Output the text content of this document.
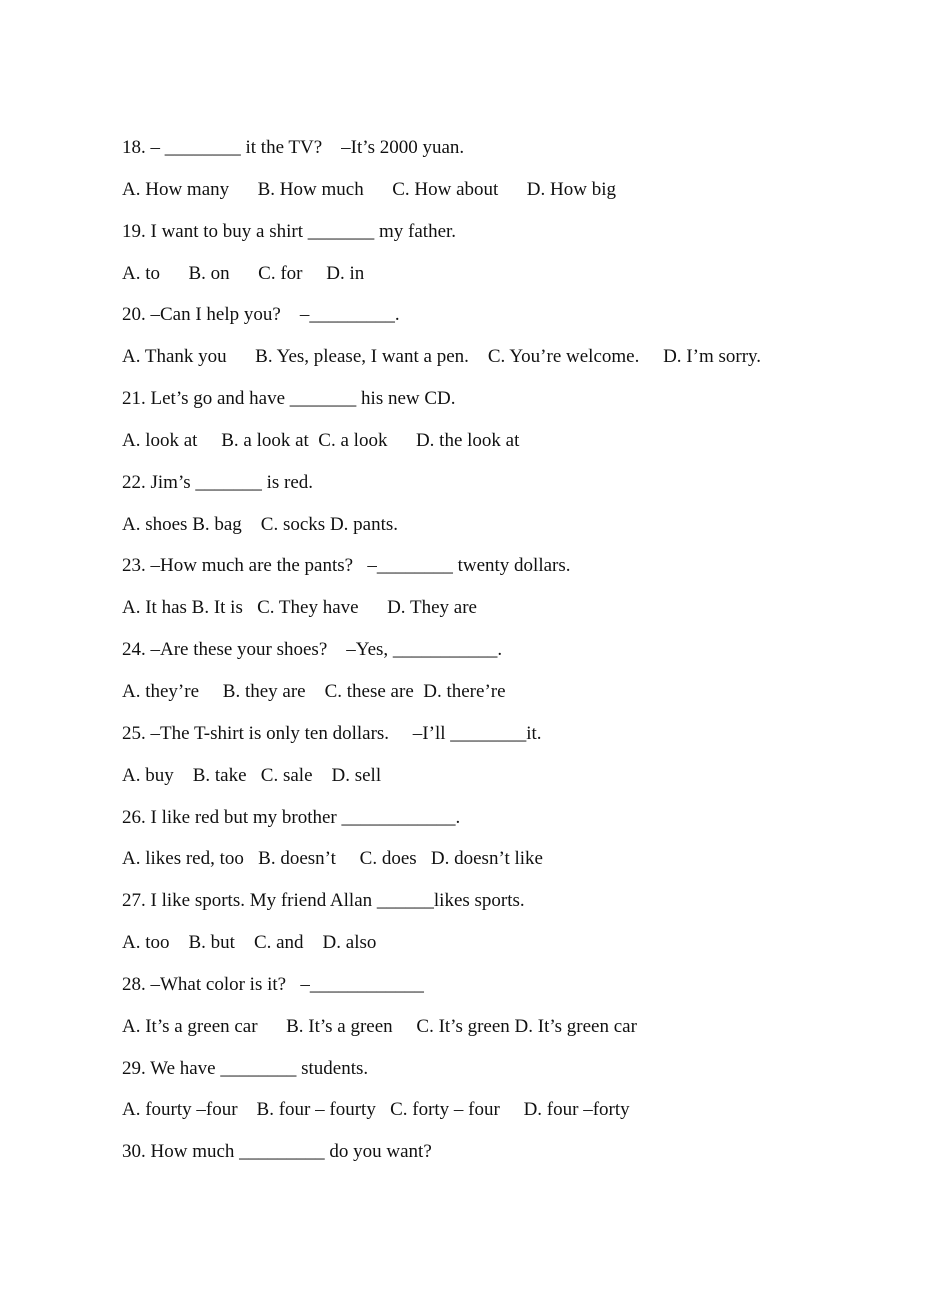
18. – ________ it the TV?    –It’s 2000 yuan.
A. How many      B. How much      C. How about      D. How big
19. I want to buy a shirt _______ my father.
A. to      B. on      C. for     D. in
20. –Can I help you?    –_________.
A. Thank you      B. Yes, please, I want a pen.    C. You’re welcome.     D. I’m sorry.
21. Let’s go and have _______ his new CD.
A. look at     B. a look at  C. a look      D. the look at
22. Jim’s _______ is red.
A. shoes B. bag    C. socks D. pants.
23. –How much are the pants?   –________ twenty dollars.
A. It has B. It is   C. They have      D. They are
24. –Are these your shoes?    –Yes, ___________.
A. they’re     B. they are    C. these are  D. there’re
25. –The T-shirt is only ten dollars.     –I’ll ________it.
A. buy    B. take   C. sale    D. sell
26. I like red but my brother ____________.
A. likes red, too   B. doesn’t     C. does   D. doesn’t like
27. I like sports. My friend Allan ______likes sports.
A. too    B. but    C. and    D. also
28. –What color is it?   –____________
A. It’s a green car      B. It’s a green     C. It’s green D. It’s green car
29. We have ________ students.
A. fourty –four    B. four – fourty   C. forty – four     D. four –forty
30. How much _________ do you want?
